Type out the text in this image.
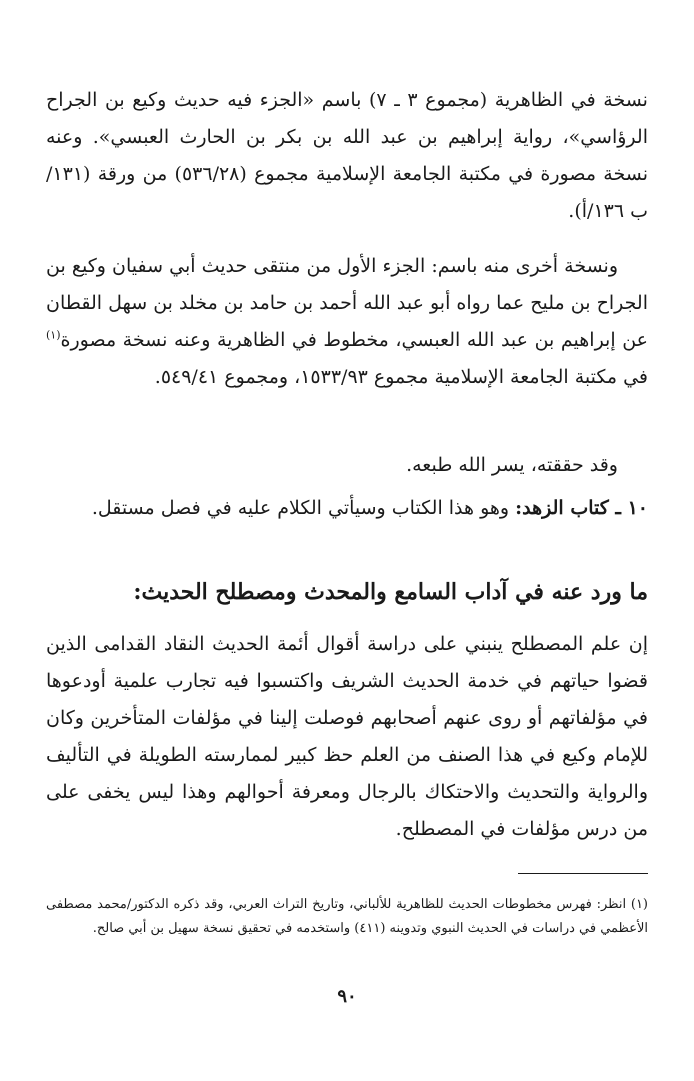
نسخة في الظاهرية (مجموع ٣ ـ ٧) باسم «الجزء فيه حديث وكيع بن الجراح الرؤاسي»، رواية إبراهيم بن عبد الله بن بكر بن الحارث العبسي». وعنه نسخة مصورة في مكتبة الجامعة الإسلامية مجموع (٥٣٦/٢٨) من ورقة (١٣١/ ب ١٣٦/أ).

ونسخة أخرى منه باسم: الجزء الأول من منتقى حديث أبي سفيان وكيع بن الجراح بن مليح عما رواه أبو عبد الله أحمد بن حامد بن مخلد بن سهل القطان عن إبراهيم بن عبد الله العبسي، مخطوط في الظاهرية وعنه نسخة مصورة$^{(١)}$ في مكتبة الجامعة الإسلامية مجموع ١٥٣٣/٩٣، ومجموع ٥٤٩/٤١.

وقد حققته، يسر الله طبعه.

١٠ ـ كتاب الزهد: وهو هذا الكتاب وسيأتي الكلام عليه في فصل مستقل.

ما ورد عنه في آداب السامع والمحدث ومصطلح الحديث:

إن علم المصطلح ينبني على دراسة أقوال أئمة الحديث النقاد القدامى الذين قضوا حياتهم في خدمة الحديث الشريف واكتسبوا فيه تجارب علمية أودعوها في مؤلفاتهم أو روى عنهم أصحابهم فوصلت إلينا في مؤلفات المتأخرين وكان للإمام وكيع في هذا الصنف من العلم حظ كبير لممارسته الطويلة في التأليف والرواية والتحديث والاحتكاك بالرجال ومعرفة أحوالهم وهذا ليس يخفى على من درس مؤلفات في المصطلح.

(١) انظر: فهرس مخطوطات الحديث للظاهرية للألباني، وتاريخ التراث العربي، وقد ذكره الدكتور/محمد مصطفى الأعظمي في دراسات في الحديث النبوي وتدوينه (٤١١) واستخدمه في تحقيق نسخة سهيل بن أبي صالح.

٩٠
